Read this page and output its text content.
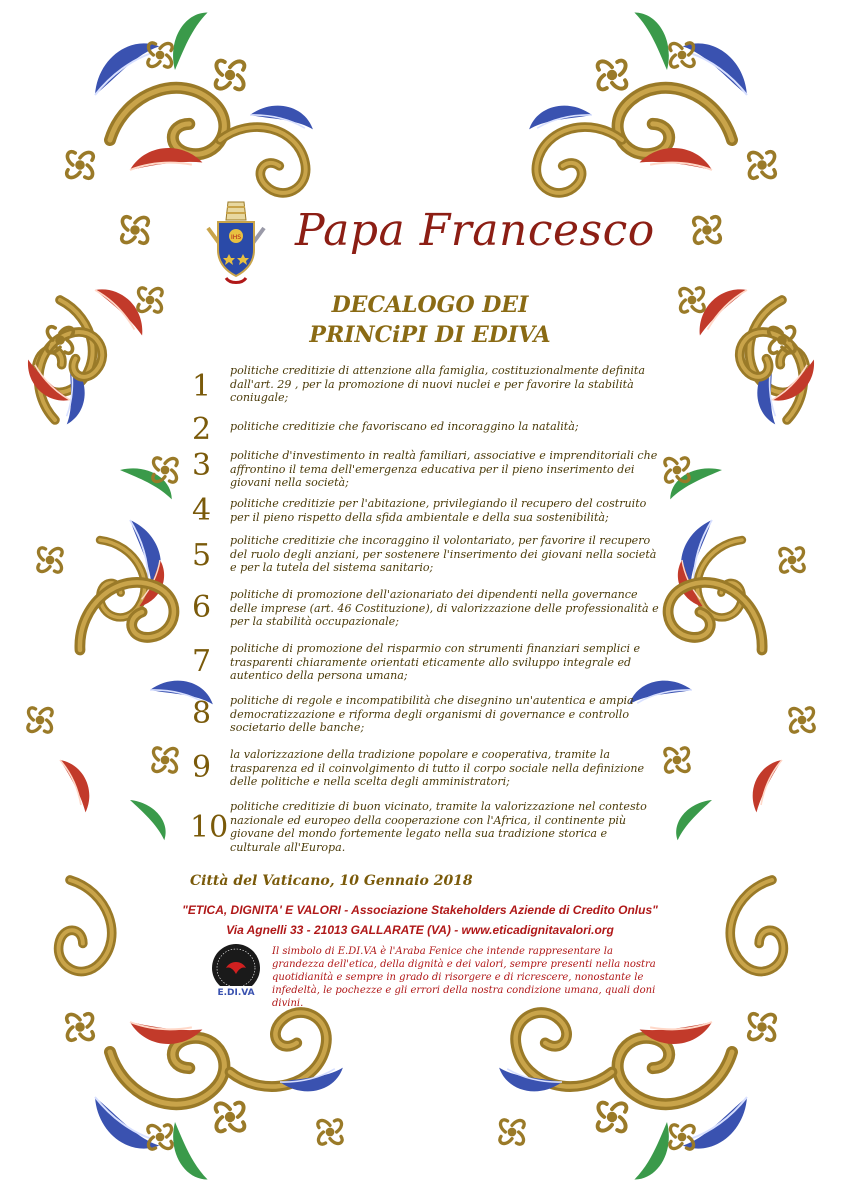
IHS Papa Francesco
DECALOGO DEI
PRINCiPI DI EDIVA
1 politiche creditizie di attenzione alla famiglia, costituzionalmente definita dall'art. 29 , per la promozione di nuovi nuclei e per favorire la stabilità coniugale;
2 politiche creditizie che favoriscano ed incoraggino la natalità;
3 politiche d'investimento in realtà familiari, associative e imprenditoriali che affrontino il tema dell'emergenza educativa per il pieno inserimento dei giovani nella società;
4 politiche creditizie per l'abitazione, privilegiando il recupero del costruito per il pieno rispetto della sfida ambientale e della sua sostenibilità;
5 politiche creditizie che incoraggino il volontariato, per favorire il recupero del ruolo degli anziani, per sostenere l'inserimento dei giovani nella società e per la tutela del sistema sanitario;
6 politiche di promozione dell'azionariato dei dipendenti nella governance delle imprese (art. 46 Costituzione), di valorizzazione delle professionalità e per la stabilità occupazionale;
7 politiche di promozione del risparmio con strumenti finanziari semplici e trasparenti chiaramente orientati eticamente allo sviluppo integrale ed autentico della persona umana;
8 politiche di regole e incompatibilità che disegnino un'autentica e ampia democratizzazione e riforma degli organismi di governance e controllo societario delle banche;
9 la valorizzazione della tradizione popolare e cooperativa, tramite la trasparenza ed il coinvolgimento di tutto il corpo sociale nella definizione delle politiche e nella scelta degli amministratori;
10
politiche creditizie di buon vicinato, tramite la valorizzazione nel contesto nazionale ed europeo della cooperazione con l'Africa, il continente più giovane del mondo fortemente legato nella sua tradizione storica e culturale all'Europa.
Città del Vaticano, 10 Gennaio 2018
"ETICA, DIGNITA' E VALORI - Associazione Stakeholders Aziende di Credito Onlus"
Via Agnelli 33 - 21013 GALLARATE (VA) - www.eticadignitavalori.org
E.DI.VA
Il simbolo di E.DI.VA è l'Araba Fenice che intende rappresentare la grandezza dell'etica, della dignità e dei valori, sempre presenti nella nostra quotidianità e sempre in grado di risorgere e di ricrescere, nonostante le infedeltà, le pochezze e gli errori della nostra condizione umana, quali doni divini.
